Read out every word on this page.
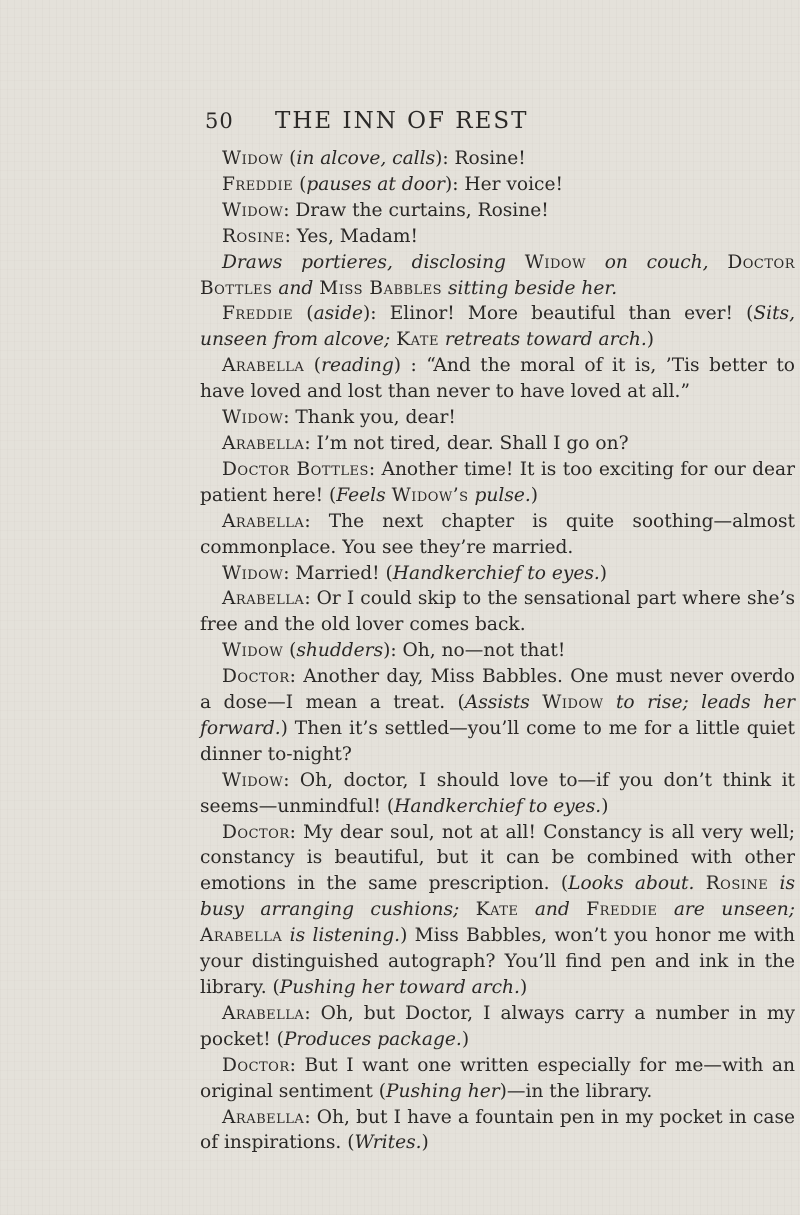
50	THE INN OF REST

Widow (in alcove, calls): Rosine!

Freddie (pauses at door): Her voice!

Widow: Draw the curtains, Rosine!

Rosine: Yes, Madam!

Draws portieres, disclosing Widow on couch, Doctor Bottles and Miss Babbles sitting beside her.

Freddie (aside): Elinor! More beautiful than ever! (Sits, unseen from alcove; Kate retreats toward arch.)

Arabella (reading) : “And the moral of it is, ’Tis better to have loved and lost than never to have loved at all.”

Widow: Thank you, dear!

Arabella: I’m not tired, dear. Shall I go on?

Doctor Bottles: Another time! It is too exciting for our dear patient here! (Feels Widow’s pulse.)

Arabella: The next chapter is quite soothing—almost commonplace. You see they’re married.

Widow: Married! (Handkerchief to eyes.)

Arabella: Or I could skip to the sensational part where she’s free and the old lover comes back.

Widow (shudders): Oh, no—not that!

Doctor: Another day, Miss Babbles. One must never overdo a dose—I mean a treat. (Assists Widow to rise; leads her forward.) Then it’s settled—you’ll come to me for a little quiet dinner to-night?

Widow: Oh, doctor, I should love to—if you don’t think it seems—unmindful! (Handkerchief to eyes.)

Doctor: My dear soul, not at all! Constancy is all very well; constancy is beautiful, but it can be combined with other emotions in the same prescription. (Looks about. Rosine is busy arranging cushions; Kate and Freddie are unseen; Arabella is listening.) Miss Babbles, won’t you honor me with your distinguished autograph? You’ll find pen and ink in the library. (Pushing her toward arch.)

Arabella: Oh, but Doctor, I always carry a number in my pocket! (Produces package.)

Doctor: But I want one written especially for me—with an original sentiment (Pushing her)—in the library.

Arabella: Oh, but I have a fountain pen in my pocket in case of inspirations. (Writes.)
